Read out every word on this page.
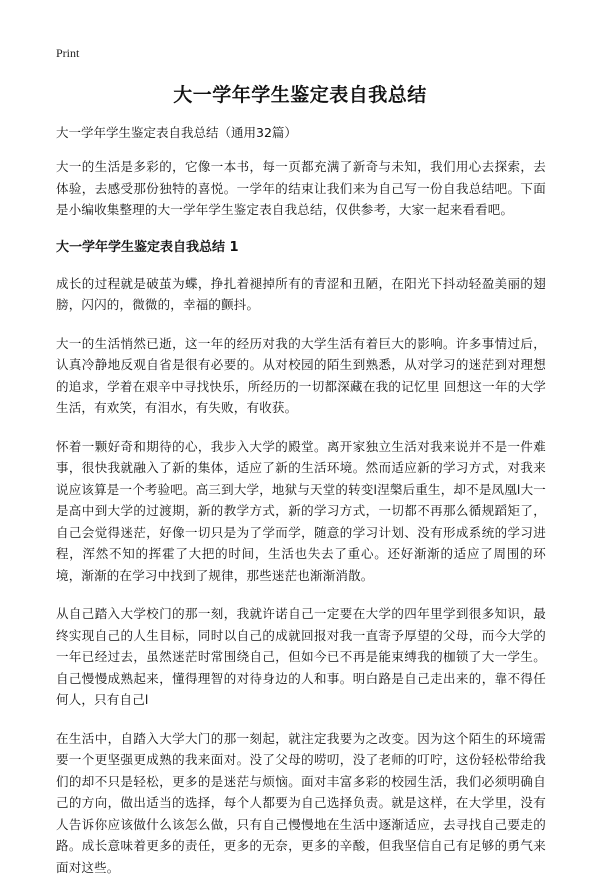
Print
大一学年学生鉴定表自我总结

大一学年学生鉴定表自我总结（通用32篇）

大一的生活是多彩的，它像一本书，每一页都充满了新奇与未知，我们用心去探索，去体验，去感受那份独特的喜悦。一学年的结束让我们来为自己写一份自我总结吧。下面是小编收集整理的大一学年学生鉴定表自我总结，仅供参考，大家一起来看看吧。

大一学年学生鉴定表自我总结 1

成长的过程就是破茧为蝶，挣扎着褪掉所有的青涩和丑陋，在阳光下抖动轻盈美丽的翅膀，闪闪的，微微的，幸福的颤抖。

大一的生活悄然已逝，这一年的经历对我的大学生活有着巨大的影响。许多事情过后，认真冷静地反观自省是很有必要的。从对校园的陌生到熟悉，从对学习的迷茫到对理想的追求，学着在艰辛中寻找快乐，所经历的一切都深藏在我的记忆里 回想这一年的大学生活，有欢笑，有泪水，有失败，有收获。

怀着一颗好奇和期待的心，我步入大学的殿堂。离开家独立生活对我来说并不是一件难事，很快我就融入了新的集体，适应了新的生活环境。然而适应新的学习方式，对我来说应该算是一个考验吧。高三到大学，地狱与天堂的转变l涅槃后重生，却不是凤凰l大一是高中到大学的过渡期，新的教学方式，新的学习方式，一切都不再那么循规蹈矩了，自己会觉得迷茫，好像一切只是为了学而学，随意的学习计划、没有形成系统的学习进程，浑然不知的挥霍了大把的时间，生活也失去了重心。还好渐渐的适应了周围的环境，渐渐的在学习中找到了规律，那些迷茫也渐渐消散。

从自己踏入大学校门的那一刻，我就许诺自己一定要在大学的四年里学到很多知识，最终实现自己的人生目标，同时以自己的成就回报对我一直寄予厚望的父母，而今大学的一年已经过去，虽然迷茫时常围绕自己，但如今已不再是能束缚我的枷锁了大一学生。自己慢慢成熟起来，懂得理智的对待身边的人和事。明白路是自己走出来的，靠不得任何人，只有自己l

在生活中，自踏入大学大门的那一刻起，就注定我要为之改变。因为这个陌生的环境需要一个更坚强更成熟的我来面对。没了父母的唠叨，没了老师的叮咛，这份轻松带给我们的却不只是轻松，更多的是迷茫与烦恼。面对丰富多彩的校园生活，我们必须明确自己的方向，做出适当的选择，每个人都要为自己选择负责。就是这样，在大学里，没有人告诉你应该做什么该怎么做，只有自己慢慢地在生活中逐渐适应，去寻找自己要走的路。成长意味着更多的责任，更多的无奈，更多的辛酸，但我坚信自己有足够的勇气来面对这些。
